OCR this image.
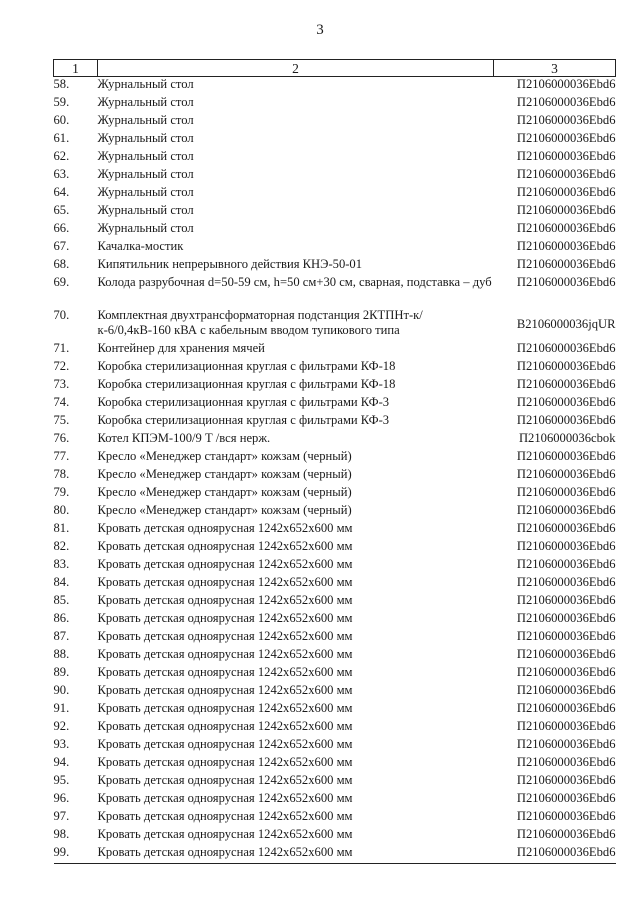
3
1	2	3
58.	Журнальный стол	П2106000036Ebd6
59.	Журнальный стол	П2106000036Ebd6
60.	Журнальный стол	П2106000036Ebd6
61.	Журнальный стол	П2106000036Ebd6
62.	Журнальный стол	П2106000036Ebd6
63.	Журнальный стол	П2106000036Ebd6
64.	Журнальный стол	П2106000036Ebd6
65.	Журнальный стол	П2106000036Ebd6
66.	Журнальный стол	П2106000036Ebd6
67.	Качалка-мостик	П2106000036Ebd6
68.	Кипятильник непрерывного действия КНЭ-50-01	П2106000036Ebd6
69.	Колода разрубочная d=50-59 см, h=50 см+30 см, сварная, подставка – дуб	П2106000036Ebd6
70.	Комплектная двухтрансформаторная подстанция 2КТПНт-к/к-6/0,4кВ-160 кВА с кабельным вводом тупикового типа	В2106000036jqUR
71.	Контейнер для хранения мячей	П2106000036Ebd6
72.	Коробка стерилизационная круглая с фильтрами КФ-18	П2106000036Ebd6
73.	Коробка стерилизационная круглая с фильтрами КФ-18	П2106000036Ebd6
74.	Коробка стерилизационная круглая с фильтрами КФ-3	П2106000036Ebd6
75.	Коробка стерилизационная круглая с фильтрами КФ-3	П2106000036Ebd6
76.	Котел КПЭМ-100/9 Т /вся нерж.	П2106000036cbok
77.	Кресло «Менеджер стандарт» кожзам (черный)	П2106000036Ebd6
78.	Кресло «Менеджер стандарт» кожзам (черный)	П2106000036Ebd6
79.	Кресло «Менеджер стандарт» кожзам (черный)	П2106000036Ebd6
80.	Кресло «Менеджер стандарт» кожзам (черный)	П2106000036Ebd6
81.	Кровать детская одноярусная 1242х652х600 мм	П2106000036Ebd6
82.	Кровать детская одноярусная 1242х652х600 мм	П2106000036Ebd6
83.	Кровать детская одноярусная 1242х652х600 мм	П2106000036Ebd6
84.	Кровать детская одноярусная 1242х652х600 мм	П2106000036Ebd6
85.	Кровать детская одноярусная 1242х652х600 мм	П2106000036Ebd6
86.	Кровать детская одноярусная 1242х652х600 мм	П2106000036Ebd6
87.	Кровать детская одноярусная 1242х652х600 мм	П2106000036Ebd6
88.	Кровать детская одноярусная 1242х652х600 мм	П2106000036Ebd6
89.	Кровать детская одноярусная 1242х652х600 мм	П2106000036Ebd6
90.	Кровать детская одноярусная 1242х652х600 мм	П2106000036Ebd6
91.	Кровать детская одноярусная 1242х652х600 мм	П2106000036Ebd6
92.	Кровать детская одноярусная 1242х652х600 мм	П2106000036Ebd6
93.	Кровать детская одноярусная 1242х652х600 мм	П2106000036Ebd6
94.	Кровать детская одноярусная 1242х652х600 мм	П2106000036Ebd6
95.	Кровать детская одноярусная 1242х652х600 мм	П2106000036Ebd6
96.	Кровать детская одноярусная 1242х652х600 мм	П2106000036Ebd6
97.	Кровать детская одноярусная 1242х652х600 мм	П2106000036Ebd6
98.	Кровать детская одноярусная 1242х652х600 мм	П2106000036Ebd6
99.	Кровать детская одноярусная 1242х652х600 мм	П2106000036Ebd6
